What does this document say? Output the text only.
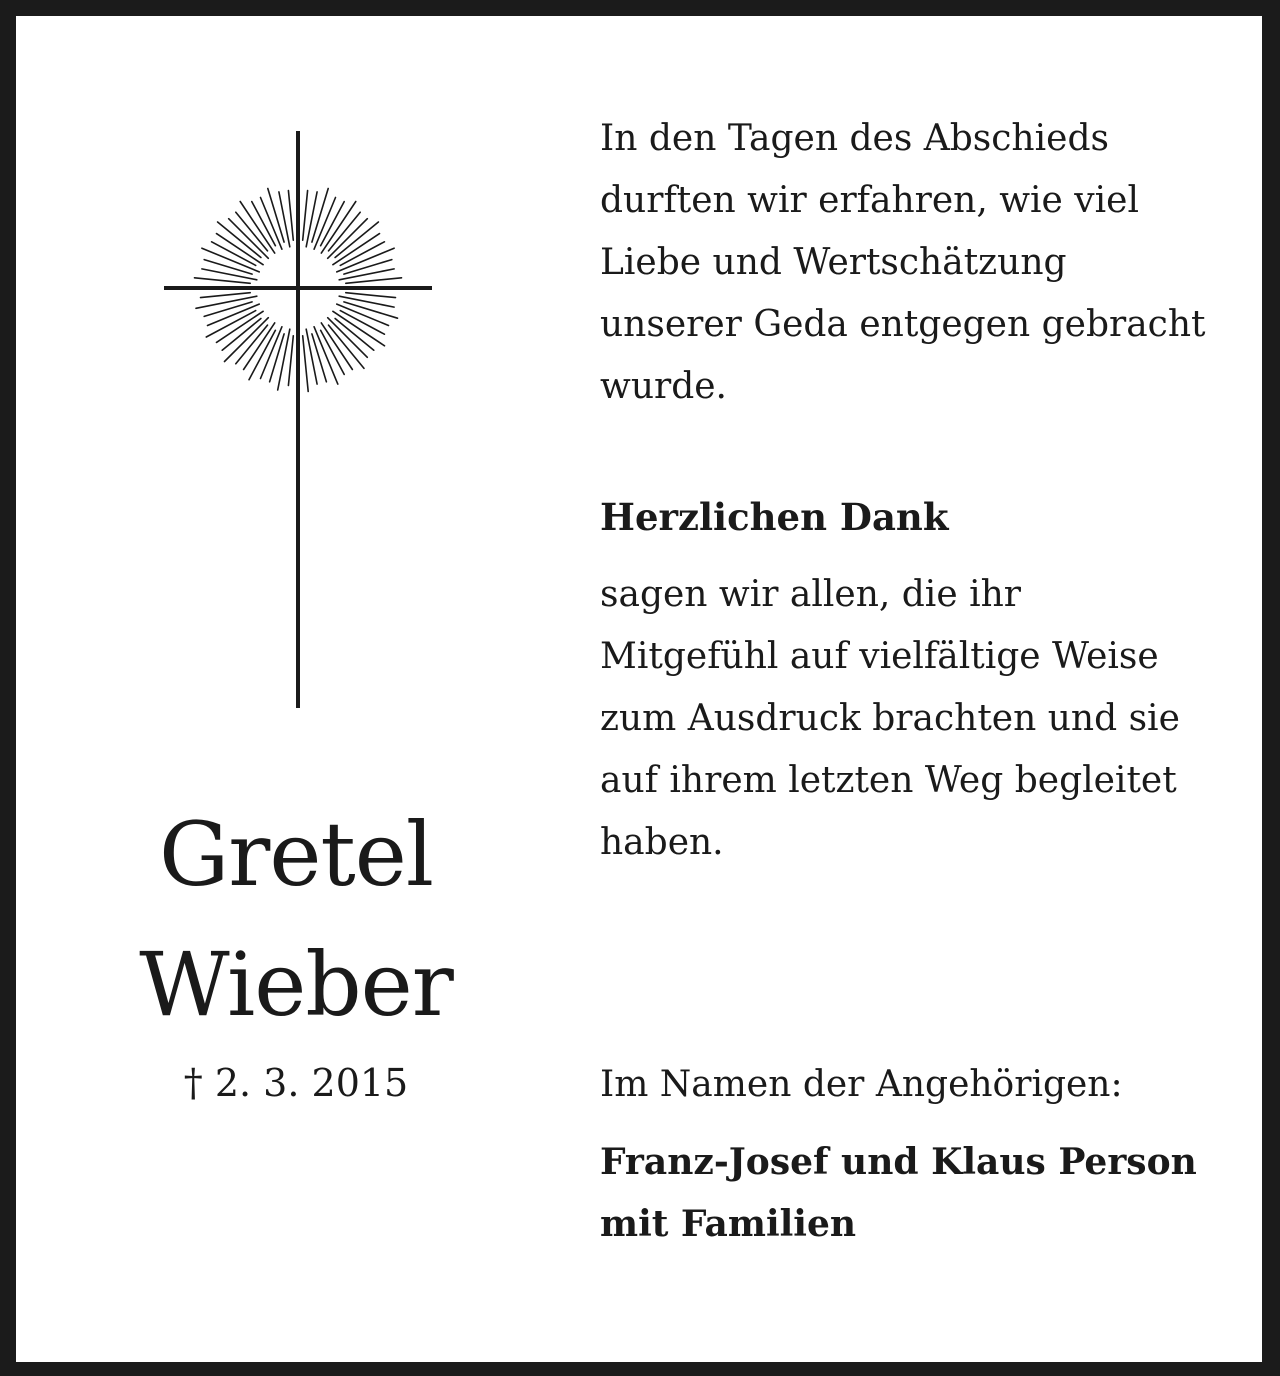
Gretel
Wieber
† 2. 3. 2015
In den Tagen des Abschieds
durften wir erfahren, wie viel
Liebe und Wertschätzung
unserer Geda entgegen gebracht
wurde.
Herzlichen Dank
sagen wir allen, die ihr
Mitgefühl auf vielfältige Weise
zum Ausdruck brachten und sie
auf ihrem letzten Weg begleitet
haben.
Im Namen der Angehörigen:
Franz-Josef und Klaus Person
mit Familien
